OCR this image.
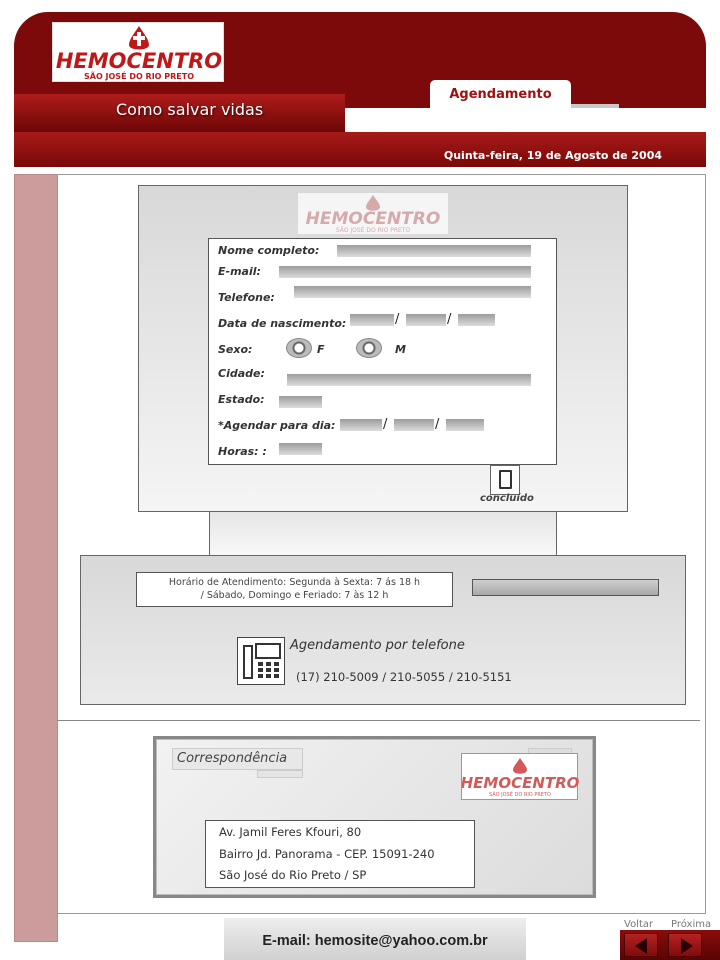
HEMOCENTRO
SÃO JOSÉ DO RIO PRETO
Como salvar vidas
Agendamento
Quinta-feira, 19 de Agosto de 2004
HEMOCENTRO
SÃO JOSÉ DO RIO PRETO
Nome completo:
E-mail:
Telefone:
Data de nascimento:	/	/
Sexo:	F	M
Cidade:
Estado:
*Agendar para dia:	/	/
Horas: :
concluído
Horário de Atendimento: Segunda à Sexta: 7 ás 18 h
/ Sábado, Domingo e Feriado: 7 às 12 h
Agendamento por telefone
(17) 210-5009 / 210-5055 / 210-5151
Correspondência
HEMOCENTRO
SÃO JOSÉ DO RIO PRETO
Av. Jamil Feres Kfouri, 80
Bairro Jd. Panorama - CEP. 15091-240
São José do Rio Preto / SP
E-mail: hemosite@yahoo.com.br
Voltar Próxima
